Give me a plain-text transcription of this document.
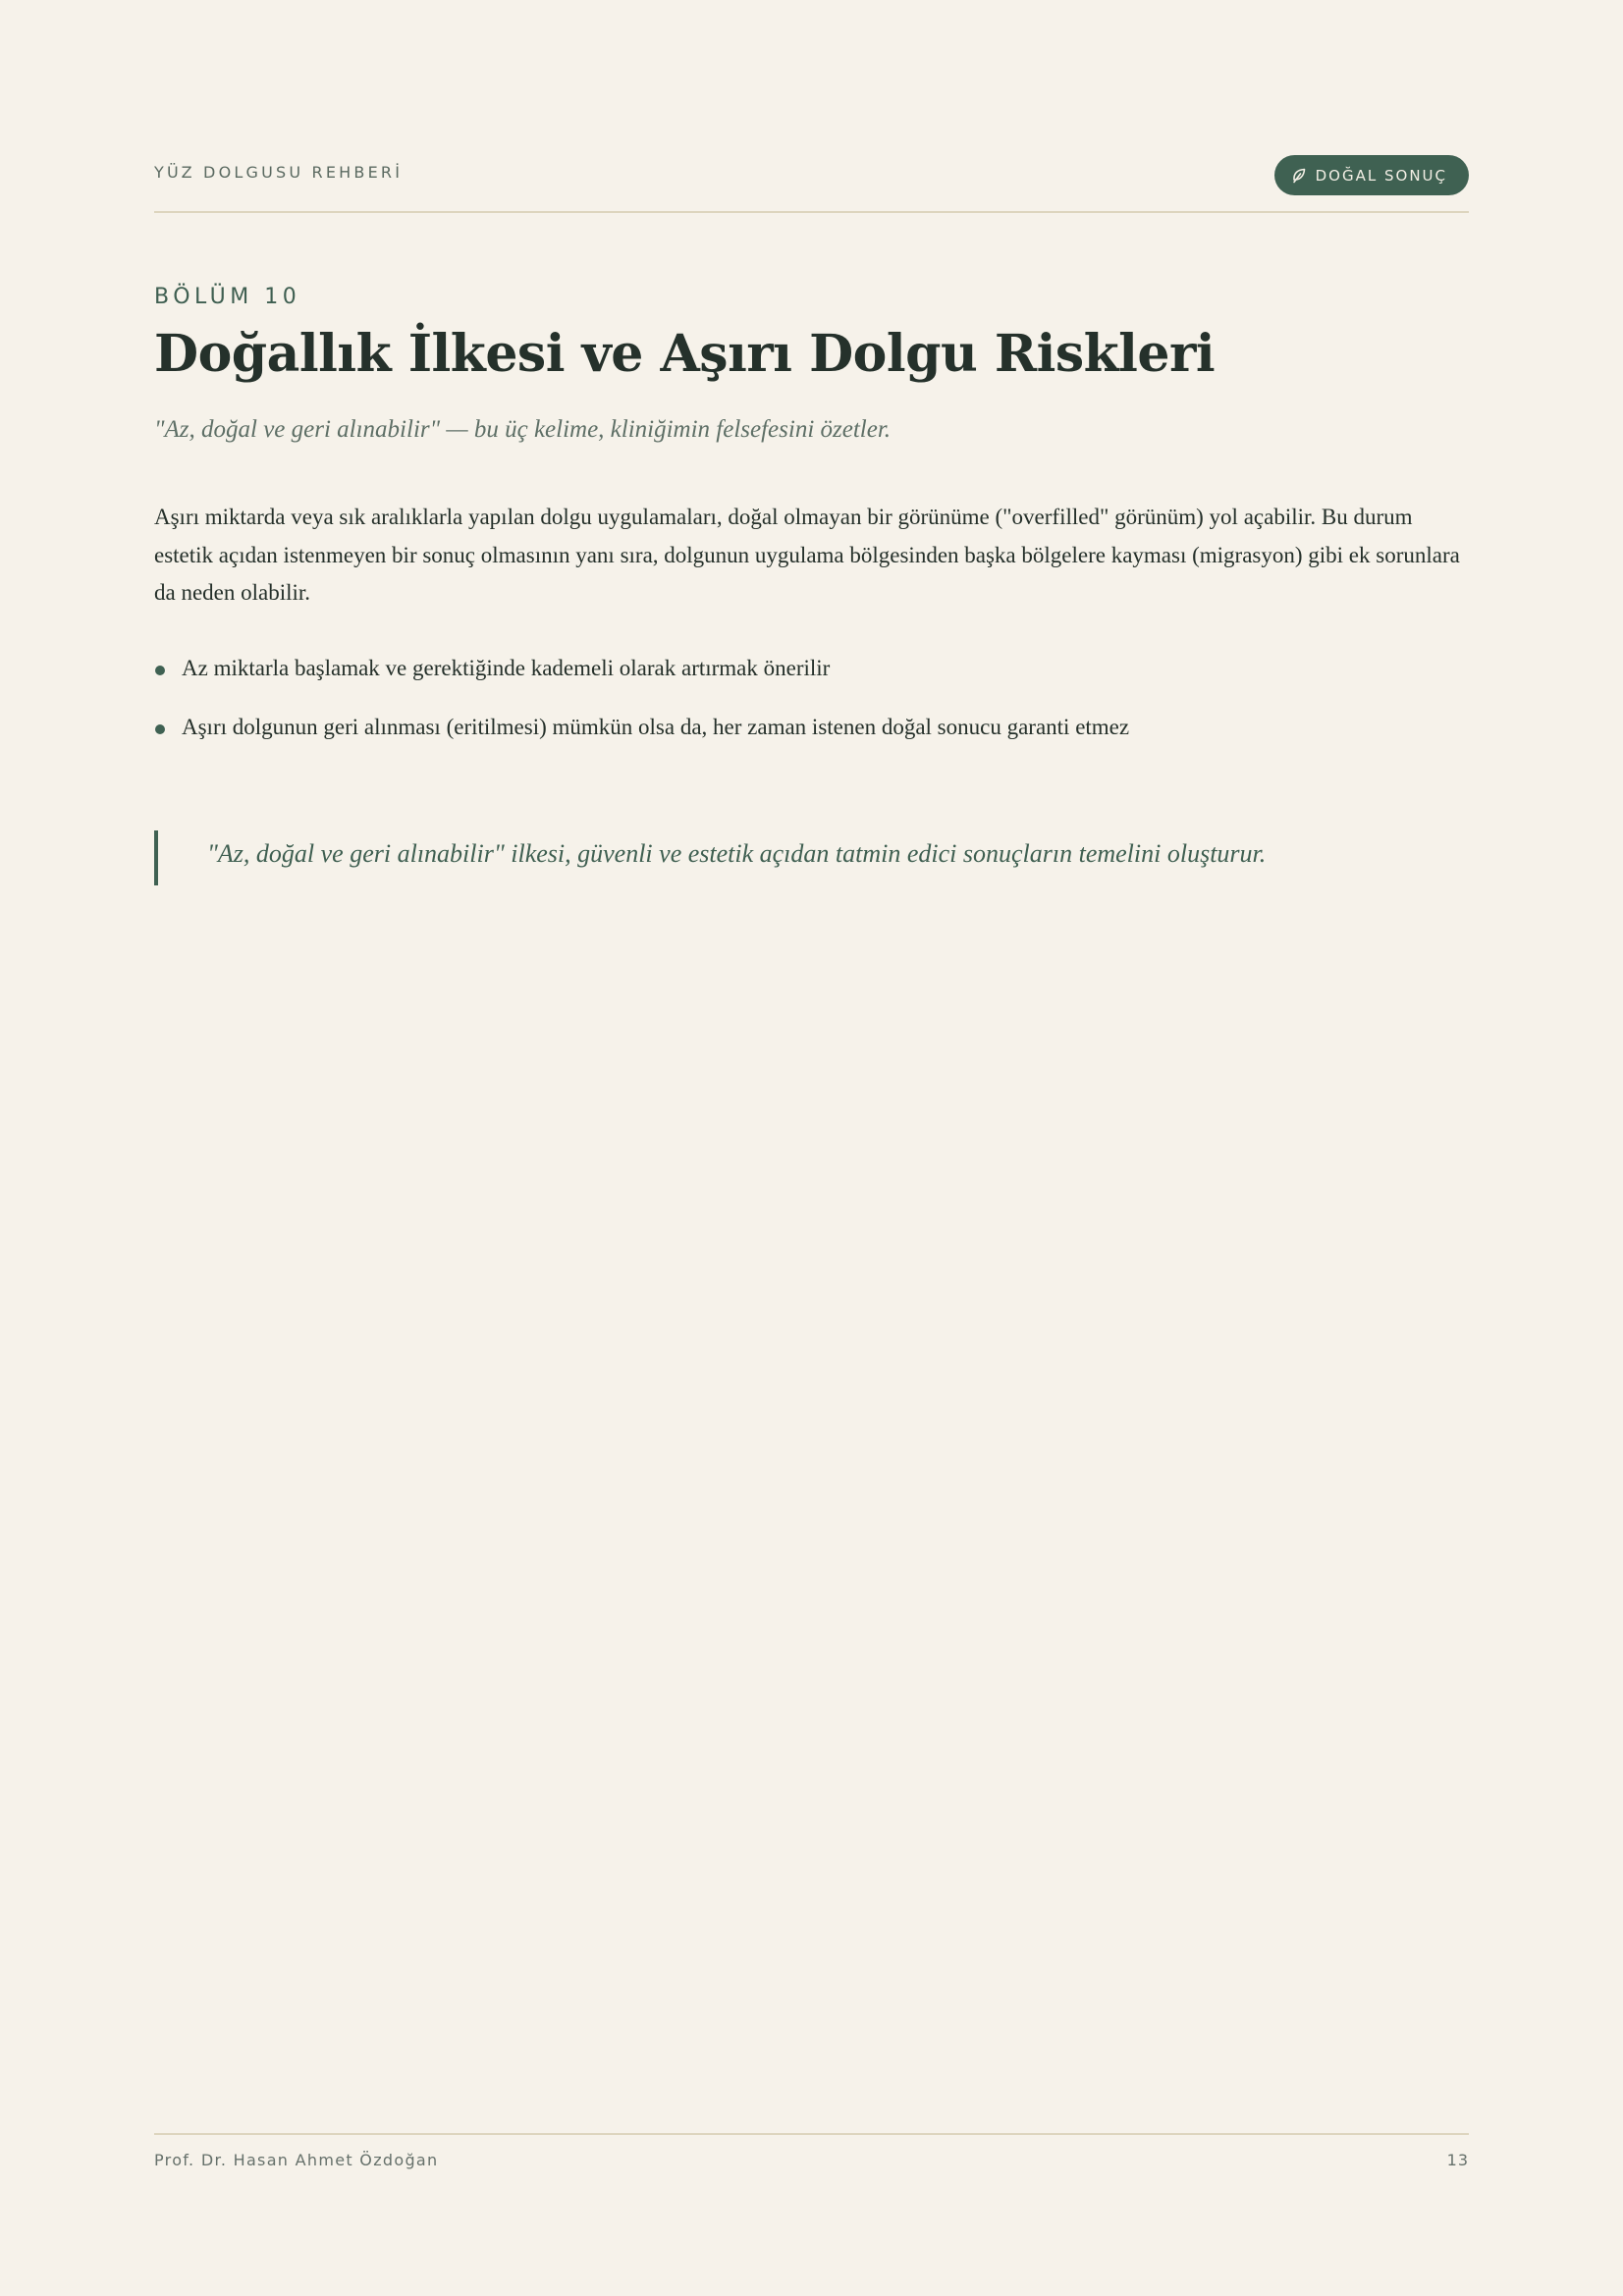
YÜZ DOLGUSU REHBERİ	DOĞAL SONUÇ
BÖLÜM 10
Doğallık İlkesi ve Aşırı Dolgu Riskleri
"Az, doğal ve geri alınabilir" — bu üç kelime, kliniğimin felsefesini özetler.

Aşırı miktarda veya sık aralıklarla yapılan dolgu uygulamaları, doğal olmayan bir görünüme ("overfilled" görünüm) yol açabilir. Bu durum estetik açıdan istenmeyen bir sonuç olmasının yanı sıra, dolgunun uygulama bölgesinden başka bölgelere kayması (migrasyon) gibi ek sorunlara da neden olabilir.

Az miktarla başlamak ve gerektiğinde kademeli olarak artırmak önerilir
Aşırı dolgunun geri alınması (eritilmesi) mümkün olsa da, her zaman istenen doğal sonucu garanti etmez
"Az, doğal ve geri alınabilir" ilkesi, güvenli ve estetik açıdan tatmin edici sonuçların temelini oluşturur.
Prof. Dr. Hasan Ahmet Özdoğan	13
